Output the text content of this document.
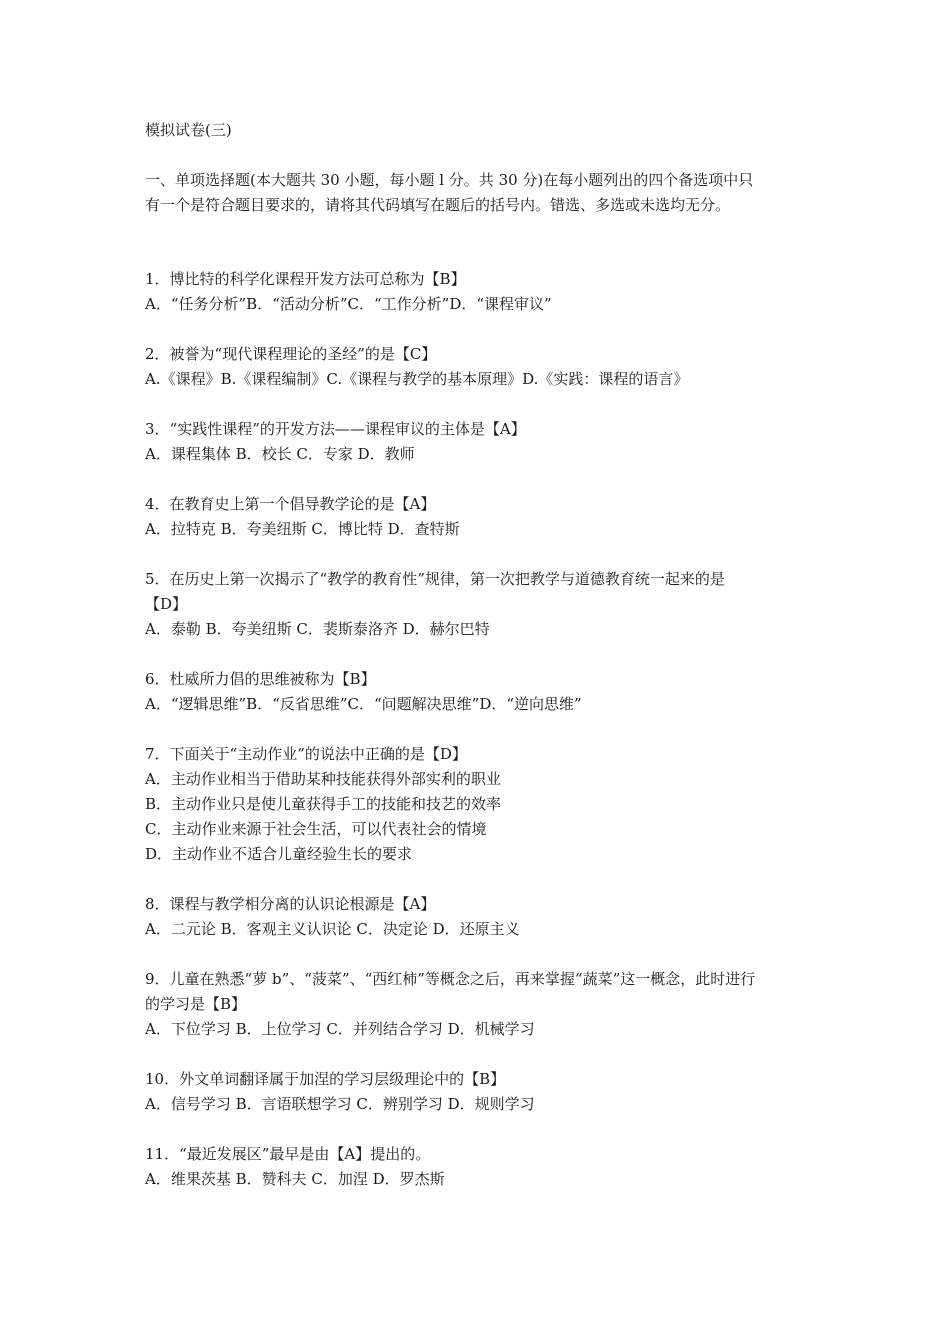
模拟试卷(三)
一、单项选择题(本大题共 30 小题，每小题 l 分。共 30 分)在每小题列出的四个备选项中只
有一个是符合题目要求的，请将其代码填写在题后的括号内。错选、多选或未选均无分。
1．博比特的科学化课程开发方法可总称为【B】
A．“任务分析”B．“活动分析”C．“工作分析”D．“课程审议”
2．被誉为“现代课程理论的圣经”的是【C】
A.《课程》B.《课程编制》C.《课程与教学的基本原理》D.《实践：课程的语言》
3．“实践性课程”的开发方法——课程审议的主体是【A】
A．课程集体 B．校长 C．专家 D．教师
4．在教育史上第一个倡导教学论的是【A】
A．拉特克 B．夸美纽斯 C．博比特 D．查特斯
5．在历史上第一次揭示了“教学的教育性”规律，第一次把教学与道德教育统一起来的是
【D】
A．泰勒 B．夸美纽斯 C．裴斯泰洛齐 D．赫尔巴特
6．杜威所力倡的思维被称为【B】
A．“逻辑思维”B．“反省思维”C．“问题解决思维”D．“逆向思维”
7．下面关于“主动作业”的说法中正确的是【D】
A．主动作业相当于借助某种技能获得外部实利的职业
B．主动作业只是使儿童获得手工的技能和技艺的效率
C．主动作业来源于社会生活，可以代表社会的情境
D．主动作业不适合儿童经验生长的要求
8．课程与教学相分离的认识论根源是【A】
A．二元论 B．客观主义认识论 C．决定论 D．还原主义
9．儿童在熟悉“萝 b”、“菠菜”、“西红柿”等概念之后，再来掌握“蔬菜”这一概念，此时进行
的学习是【B】
A．下位学习 B．上位学习 C．并列结合学习 D．机械学习
10．外文单词翻译属于加涅的学习层级理论中的【B】
A．信号学习 B．言语联想学习 C．辨别学习 D．规则学习
11．“最近发展区”最早是由【A】提出的。
A．维果茨基 B．赞科夫 C．加涅 D．罗杰斯
